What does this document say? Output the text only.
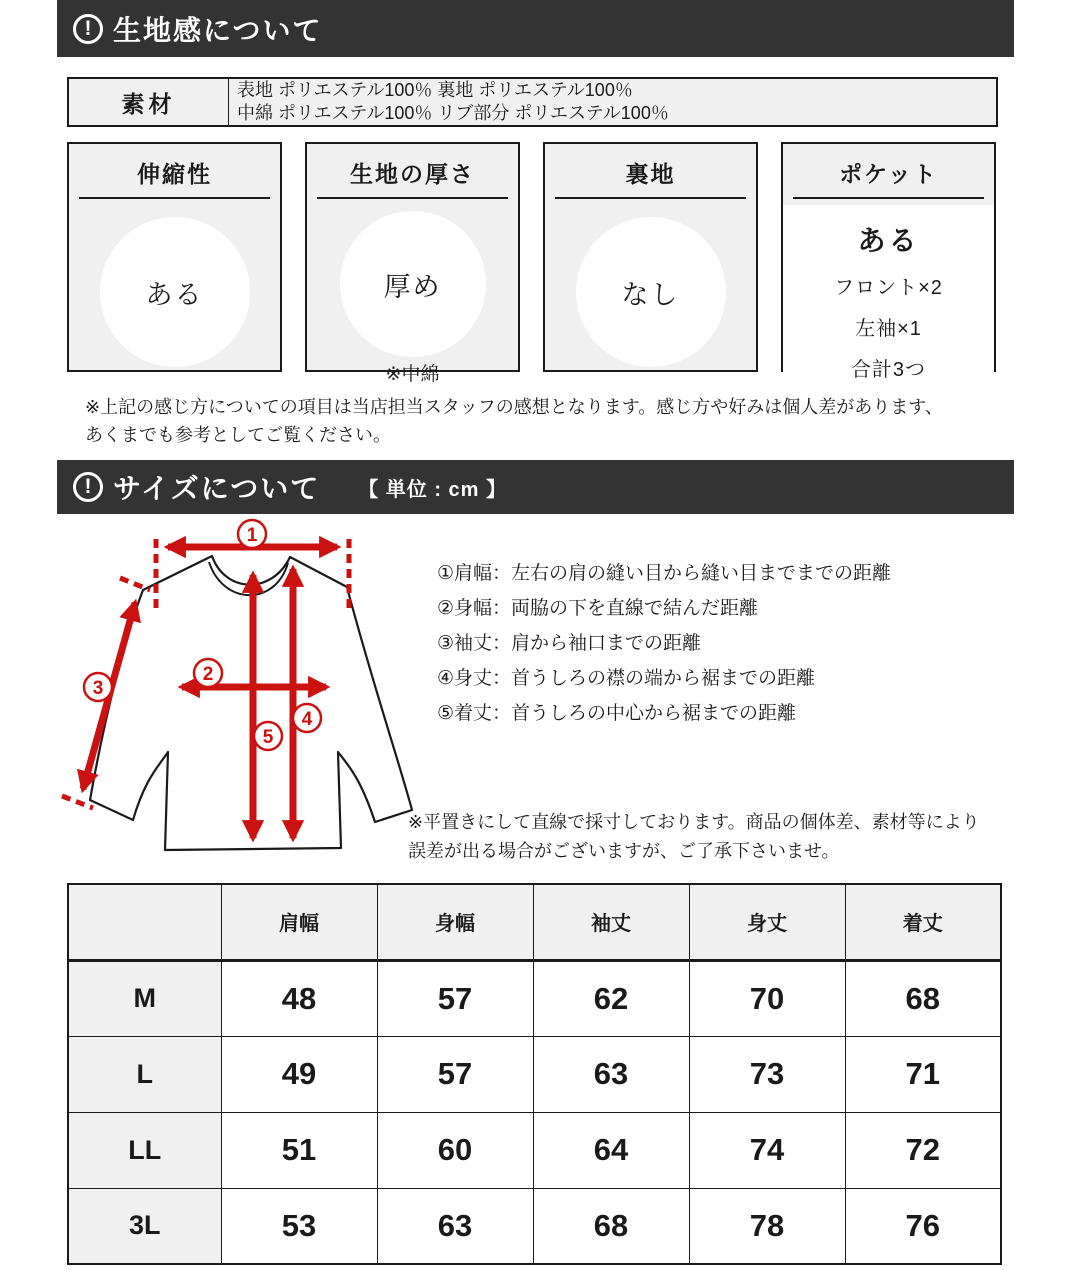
! 生地感について
素材
表地 ポリエステル100％ 裏地 ポリエステル100％
中綿 ポリエステル100％ リブ部分 ポリエステル100％
伸縮性
ある
生地の厚さ
厚め
※中綿
裏地
なし
ポケット
ある
フロント×2
左袖×1
合計3つ
※上記の感じ方についての項目は当店担当スタッフの感想となります。感じ方や好みは個人差があります、
あくまでも参考としてご覧ください。
! サイズについて 【 単位 : cm 】
1
2
3
4
5
①肩幅：左右の肩の縫い目から縫い目までまでの距離
②身幅：両脇の下を直線で結んだ距離
③袖丈：肩から袖口までの距離
④身丈：首うしろの襟の端から裾までの距離
⑤着丈：首うしろの中心から裾までの距離
※平置きにして直線で採寸しております。商品の個体差、素材等により
誤差が出る場合がございますが、ご了承下さいませ。
	肩幅	身幅	袖丈	身丈	着丈
M	48	57	62	70	68
L	49	57	63	73	71
LL	51	60	64	74	72
3L	53	63	68	78	76
